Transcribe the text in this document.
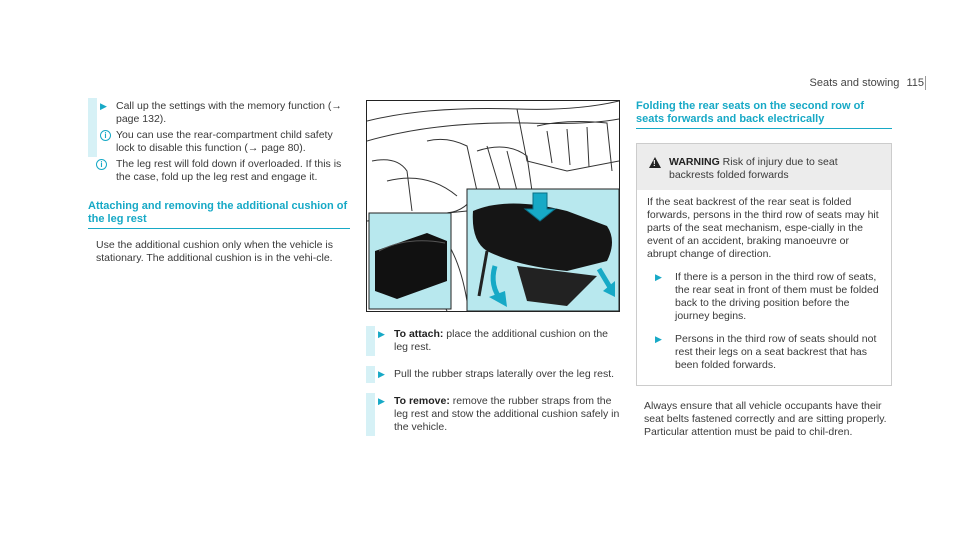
Seats and stowing 115
▶ Call up the settings with the memory function (→ page 132).
i You can use the rear-compartment child safety lock to disable this function (→ page 80).
i	The leg rest will fold down if overloaded. If this is the case, fold up the leg rest and engage it.
Attaching and removing the additional cushion of the leg rest
Use the additional cushion only when the vehicle is stationary. The additional cushion is in the vehi-cle.
▶ To attach: place the additional cushion on the leg rest.
▶ Pull the rubber straps laterally over the leg rest.
▶ To remove: remove the rubber straps from the leg rest and stow the additional cushion safely in the vehicle.
Folding the rear seats on the second row of seats forwards and back electrically
! WARNING Risk of injury due to seat backrests folded forwards
If the seat backrest of the rear seat is folded forwards, persons in the third row of seats may hit parts of the seat mechanism, espe-cially in the event of an accident, braking manoeuvre or abrupt change of direction.
▶ If there is a person in the third row of seats, the rear seat in front of them must be folded back to the driving position before the journey begins.
▶ Persons in the third row of seats should not rest their legs on a seat backrest that has been folded forwards.
Always ensure that all vehicle occupants have their seat belts fastened correctly and are sitting properly. Particular attention must be paid to chil-dren.
